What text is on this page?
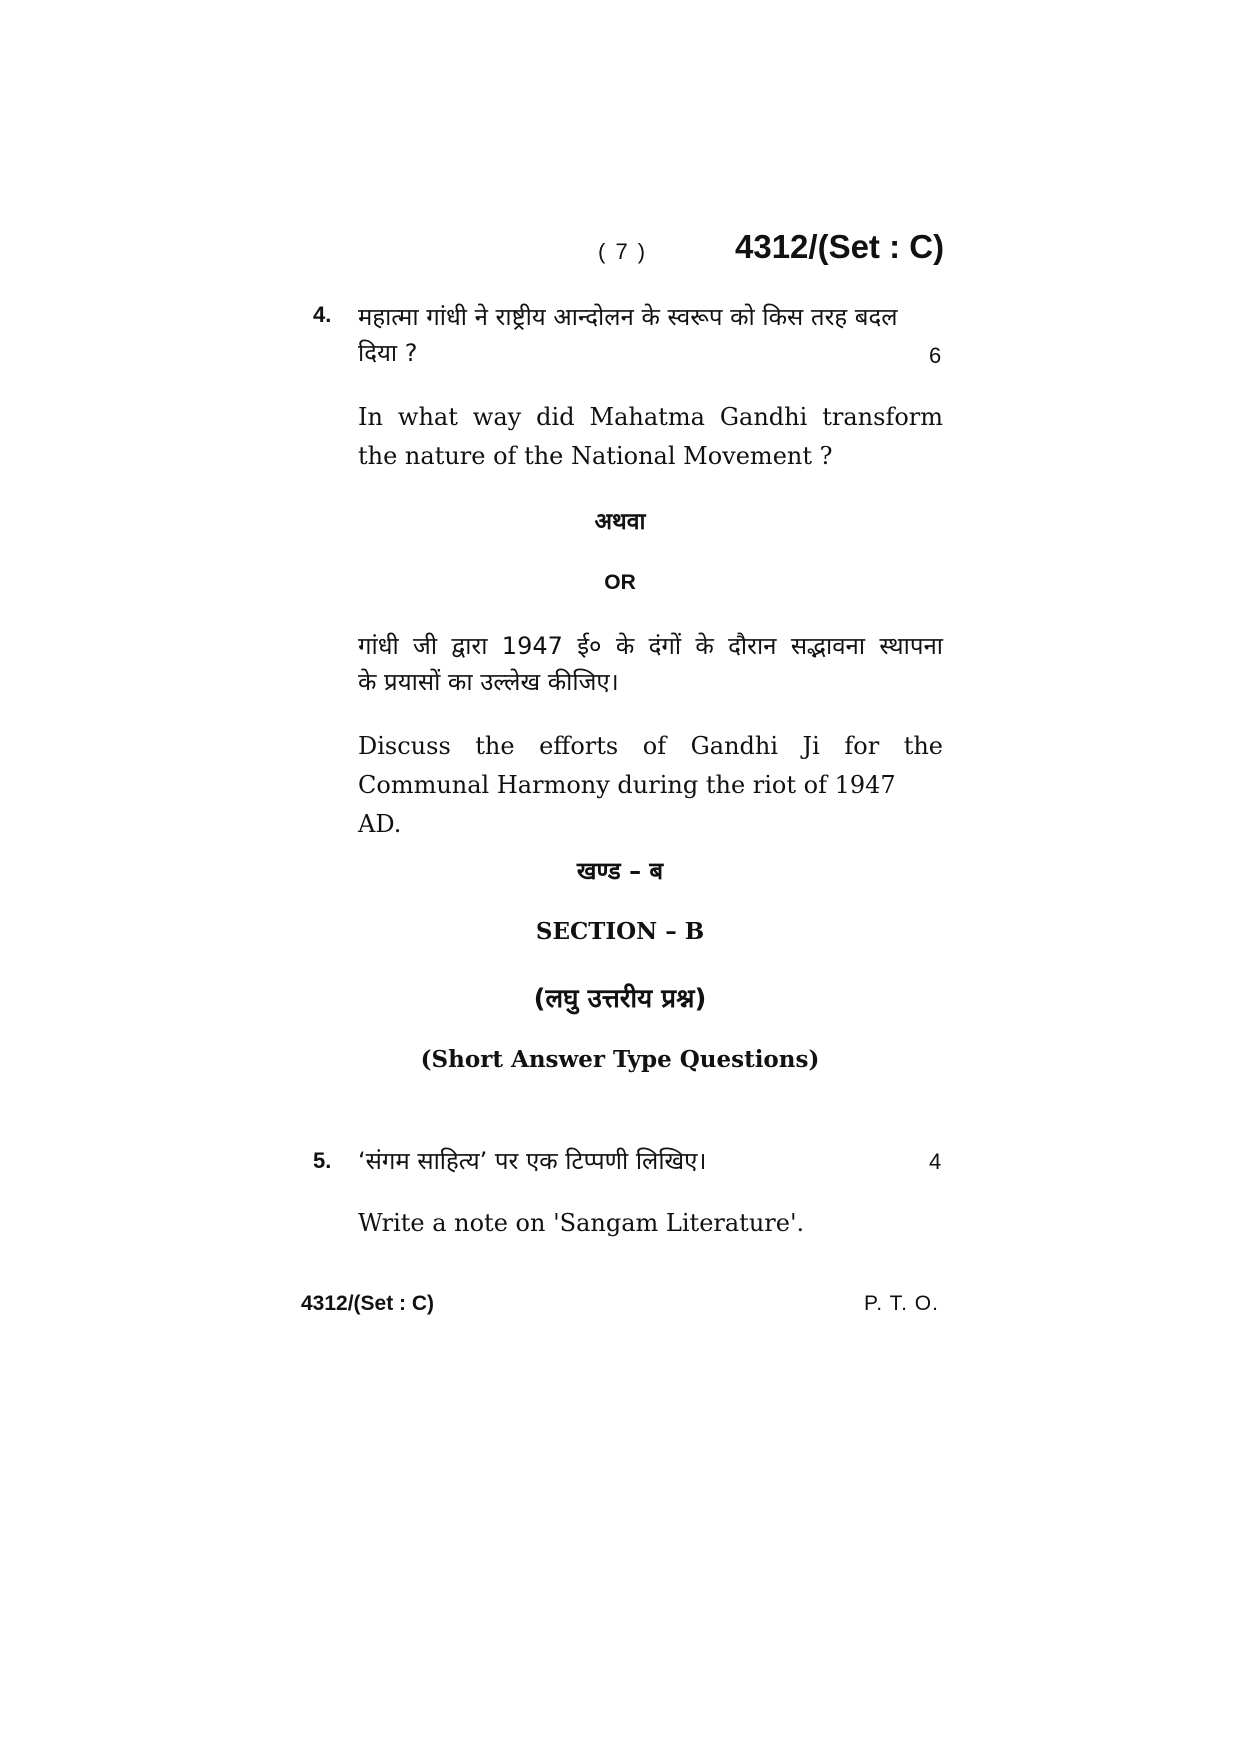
( 7 )	4312/(Set : C)
4. महात्मा गांधी ने राष्ट्रीय आन्दोलन के स्वरूप को किस तरह बदल दिया ?	6
In what way did Mahatma Gandhi transform the nature of the National Movement ?
अथवा
OR
गांधी जी द्वारा 1947 ई० के दंगों के दौरान सद्भावना स्थापना
के प्रयासों का उल्लेख कीजिए।
Discuss the efforts of Gandhi Ji for the
Communal Harmony during the riot of 1947 AD.
खण्ड – ब
SECTION – B
(लघु उत्तरीय प्रश्न)
(Short Answer Type Questions)
5. ‘संगम साहित्य’ पर एक टिप्पणी लिखिए।	4
Write a note on 'Sangam Literature'.
4312/(Set : C)	P. T. O.
